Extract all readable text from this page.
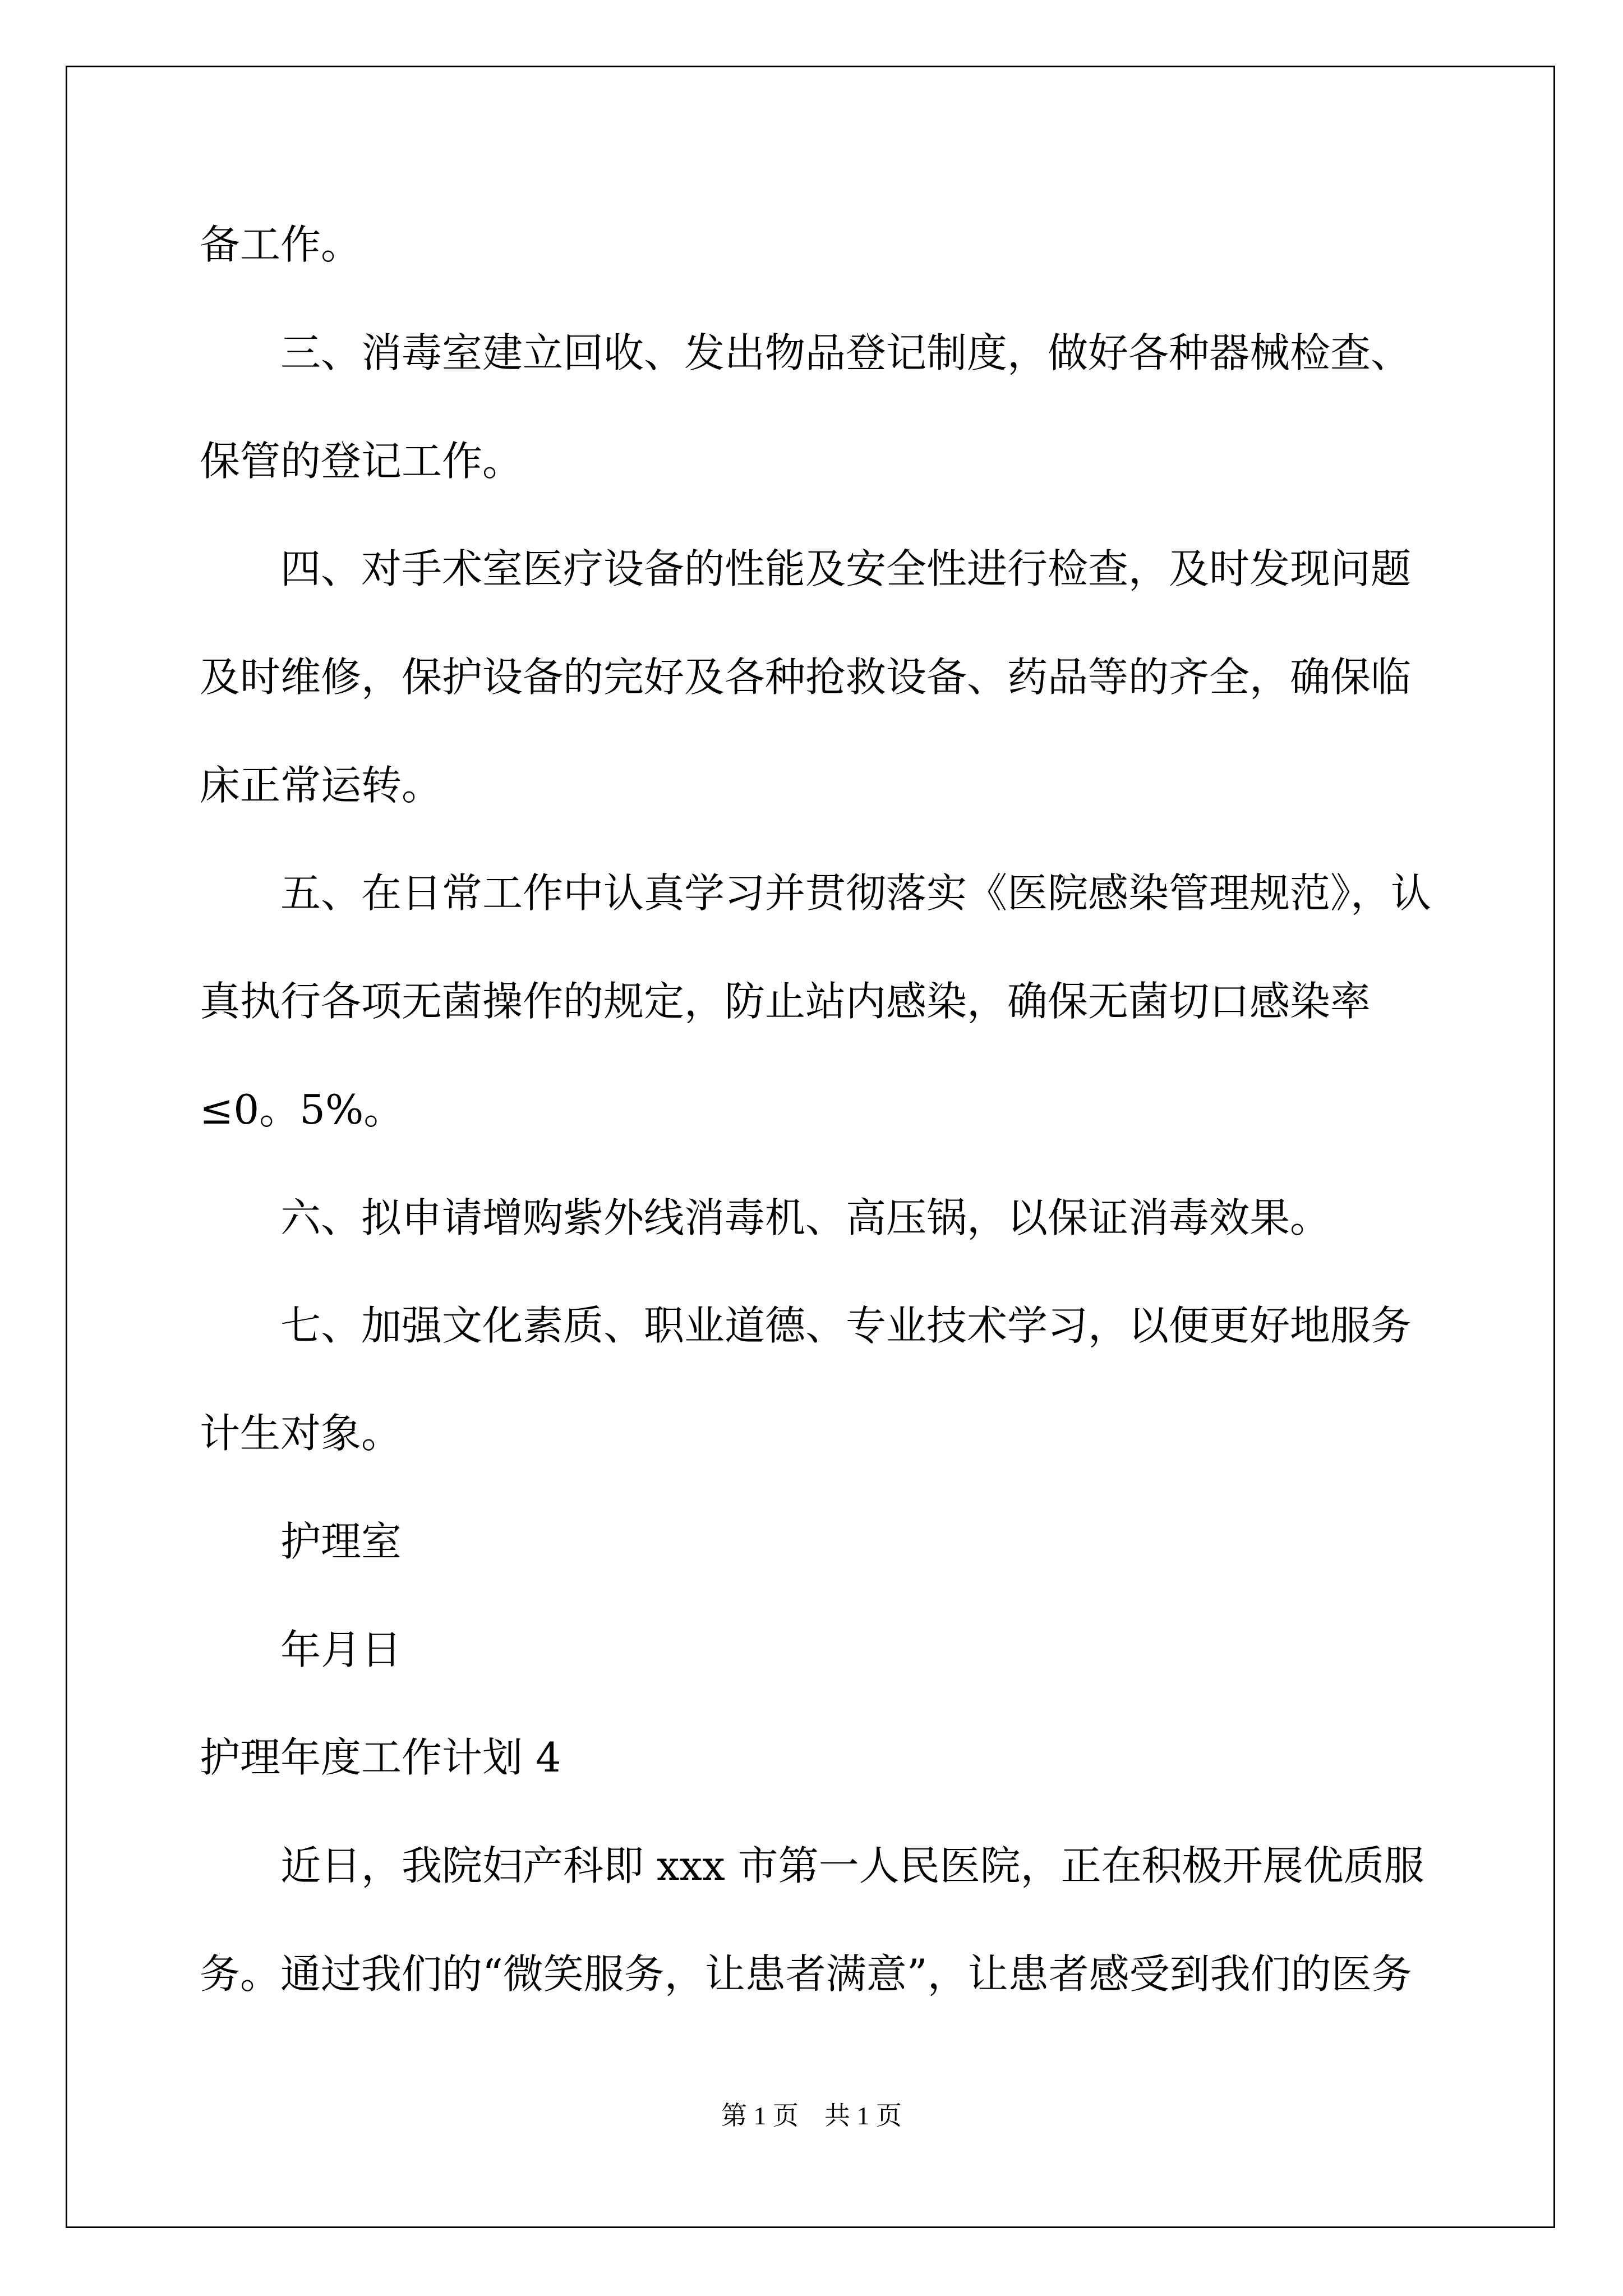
备工作。

三、消毒室建立回收、发出物品登记制度，做好各种器械检查、

保管的登记工作。

四、对手术室医疗设备的性能及安全性进行检查，及时发现问题

及时维修，保护设备的完好及各种抢救设备、药品等的齐全，确保临

床正常运转。

五、在日常工作中认真学习并贯彻落实《医院感染管理规范》，认

真执行各项无菌操作的规定，防止站内感染，确保无菌切口感染率

≤0。5%。

六、拟申请增购紫外线消毒机、高压锅，以保证消毒效果。

七、加强文化素质、职业道德、专业技术学习，以便更好地服务

计生对象。

护理室

年月日

护理年度工作计划 4

近日，我院妇产科即 xxx 市第一人民医院，正在积极开展优质服

务。通过我们的“微笑服务，让患者满意”，让患者感受到我们的医务

第 1 页    共 1 页
